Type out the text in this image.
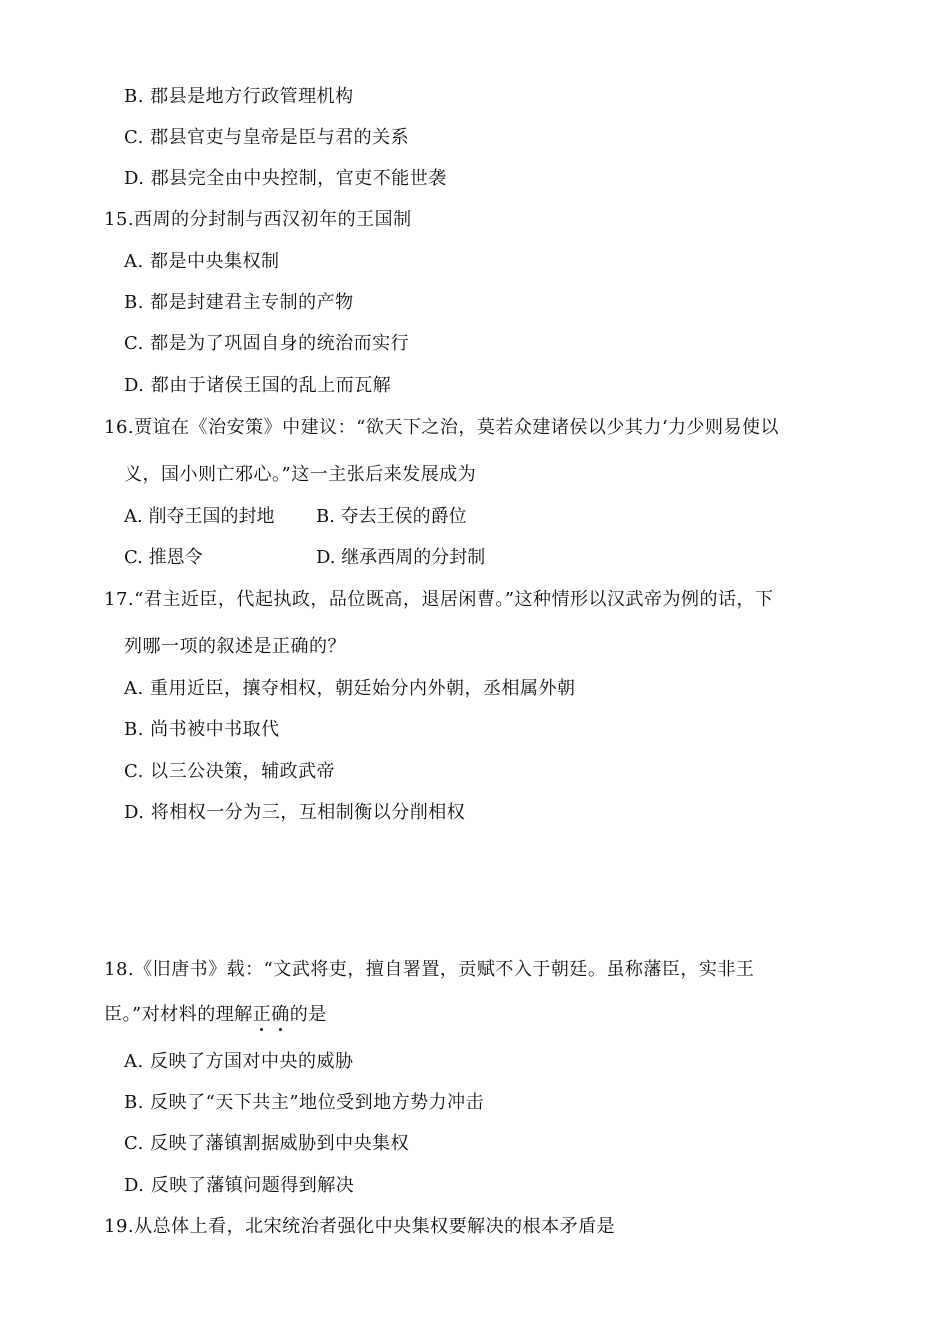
B. 郡县是地方行政管理机构
C. 郡县官吏与皇帝是臣与君的关系
D. 郡县完全由中央控制，官吏不能世袭
15.西周的分封制与西汉初年的王国制
A. 都是中央集权制
B. 都是封建君主专制的产物
C. 都是为了巩固自身的统治而实行
D. 都由于诸侯王国的乱上而瓦解
16.贾谊在《治安策》中建议：“欲天下之治，莫若众建诸侯以少其力‘力少则易使以
义，国小则亡邪心。”这一主张后来发展成为
A. 削夺王国的封地 B. 夺去王侯的爵位
C. 推恩令	D. 继承西周的分封制
17.“君主近臣，代起执政，品位既高，退居闲曹。”这种情形以汉武帝为例的话，下
列哪一项的叙述是正确的？
A. 重用近臣，攘夺相权，朝廷始分内外朝，丞相属外朝
B. 尚书被中书取代
C. 以三公决策，辅政武帝
D. 将相权一分为三，互相制衡以分削相权
18.《旧唐书》载：“文武将吏，擅自署置，贡赋不入于朝廷。虽称藩臣，实非王
臣。”对材料的理解正确的是
A. 反映了方国对中央的威胁
B. 反映了“天下共主”地位受到地方势力冲击
C. 反映了藩镇割据威胁到中央集权
D. 反映了藩镇问题得到解决
19.从总体上看，北宋统治者强化中央集权要解决的根本矛盾是
